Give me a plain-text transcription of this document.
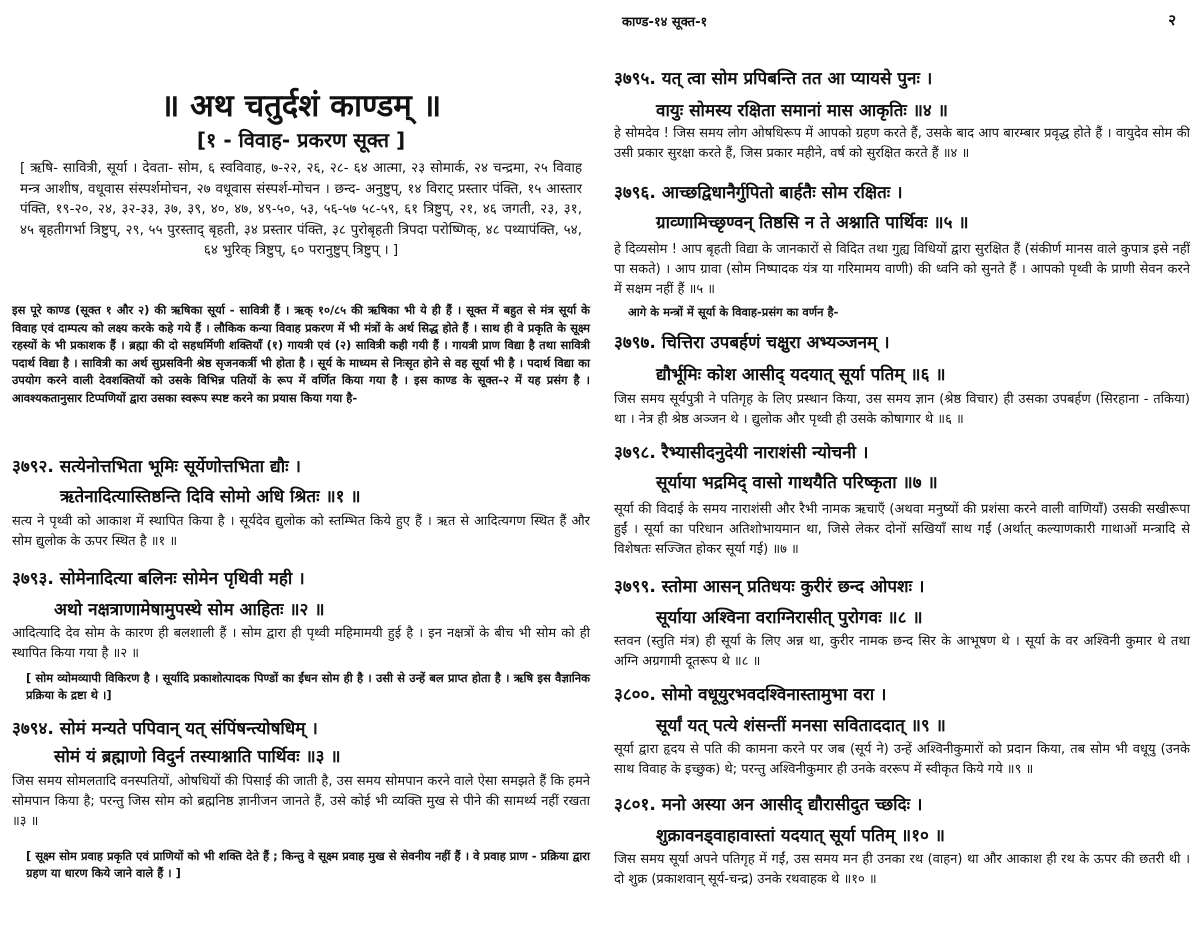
काण्ड-१४ सूक्त-१	२
३७९५. यत् त्वा सोम प्रपिबन्ति तत आ प्यायसे पुनः ।
वायुः सोमस्य रक्षिता समानां मास आकृतिः ॥४ ॥
हे सोमदेव ! जिस समय लोग ओषधिरूप में आपको ग्रहण करते हैं, उसके बाद आप बारम्बार प्रवृद्ध होते हैं । वायुदेव सोम की उसी प्रकार सुरक्षा करते हैं, जिस प्रकार महीने, वर्ष को सुरक्षित करते हैं ॥४ ॥
३७९६. आच्छद्विधानैर्गुपितो बार्हतैः सोम रक्षितः ।
ग्राव्णामिच्छृण्वन् तिष्ठसि न ते अश्नाति पार्थिवः ॥५ ॥
हे दिव्यसोम ! आप बृहती विद्या के जानकारों से विदित तथा गुह्य विधियों द्वारा सुरक्षित हैं (संकीर्ण मानस वाले कुपात्र इसे नहीं पा सकते) । आप ग्रावा (सोम निष्पादक यंत्र या गरिमामय वाणी) की ध्वनि को सुनते हैं । आपको पृथ्वी के प्राणी सेवन करने में सक्षम नहीं हैं ॥५ ॥
आगे के मन्त्रों में सूर्या के विवाह-प्रसंग का वर्णन है-
३७९७. चित्तिरा उपबर्हणं चक्षुरा अभ्यञ्जनम् ।
द्यौर्भूमिः कोश आसीद् यदयात् सूर्या पतिम् ॥६ ॥
जिस समय सूर्यपुत्री ने पतिगृह के लिए प्रस्थान किया, उस समय ज्ञान (श्रेष्ठ विचार) ही उसका उपबर्हण (सिरहाना - तकिया) था । नेत्र ही श्रेष्ठ अञ्जन थे । द्युलोक और पृथ्वी ही उसके कोषागार थे ॥६ ॥
३७९८. रैभ्यासीदनुदेयी नाराशंसी न्योचनी ।
सूर्याया भद्रमिद् वासो गाथयैति परिष्कृता ॥७ ॥
सूर्या की विदाई के समय नाराशंसी और रैभी नामक ऋचाएँ (अथवा मनुष्यों की प्रशंसा करने वाली वाणियाँ) उसकी सखीरूपा हुईं । सूर्या का परिधान अतिशोभायमान था, जिसे लेकर दोनों सखियाँ साथ गईं (अर्थात् कल्याणकारी गाथाओं मन्त्रादि से विशेषतः सज्जित होकर सूर्या गई) ॥७ ॥
३७९९. स्तोमा आसन् प्रतिधयः कुरीरं छन्द ओपशः ।
सूर्याया अश्विना वराग्निरासीत् पुरोगवः ॥८ ॥
स्तवन (स्तुति मंत्र) ही सूर्या के लिए अन्न था, कुरीर नामक छन्द सिर के आभूषण थे । सूर्या के वर अश्विनी कुमार थे तथा अग्नि अग्रगामी दूतरूप थे ॥८ ॥
३८००. सोमो वधूयुरभवदश्विनास्तामुभा वरा ।
सूर्यां यत् पत्ये शंसन्तीं मनसा सविताददात् ॥९ ॥
सूर्या द्वारा हृदय से पति की कामना करने पर जब (सूर्य ने) उन्हें अश्विनीकुमारों को प्रदान किया, तब सोम भी वधूयु (उनके साथ विवाह के इच्छुक) थे; परन्तु अश्विनीकुमार ही उनके वररूप में स्वीकृत किये गये ॥९ ॥
३८०१. मनो अस्या अन आसीद् द्यौरासीदुत च्छदिः ।
शुक्रावनड्वाहावास्तां यदयात् सूर्या पतिम् ॥१० ॥
जिस समय सूर्या अपने पतिगृह में गईं, उस समय मन ही उनका रथ (वाहन) था और आकाश ही रथ के ऊपर की छतरी थी । दो शुक्र (प्रकाशवान् सूर्य-चन्द्र) उनके रथवाहक थे ॥१० ॥
॥ अथ चतुर्दशं काण्डम् ॥
[१ - विवाह- प्रकरण सूक्त ]
[ ऋषि- सावित्री, सूर्या । देवता- सोम, ६ स्वविवाह, ७-२२, २६, २८- ६४ आत्मा, २३ सोमार्क, २४ चन्द्रमा, २५ विवाह मन्त्र आशीष, वधूवास संस्पर्शमोचन, २७ वधूवास संस्पर्श-मोचन । छन्द- अनुष्टुप्, १४ विराट् प्रस्तार पंक्ति, १५ आस्तार पंक्ति, १९-२०, २४, ३२-३३, ३७, ३९, ४०, ४७, ४९-५०, ५३, ५६-५७ ५८-५९, ६१ त्रिष्टुप्, २१, ४६ जगती, २३, ३१, ४५ बृहतीगर्भा त्रिष्टुप्, २९, ५५ पुरस्ताद् बृहती, ३४ प्रस्तार पंक्ति, ३८ पुरोबृहती त्रिपदा परोष्णिक्, ४८ पथ्यापंक्ति, ५४, ६४ भुरिक् त्रिष्टुप्, ६० परानुष्टुप् त्रिष्टुप् । ]
इस पूरे काण्ड (सूक्त १ और २) की ऋषिका सूर्या - सावित्री हैं । ऋक् १०/८५ की ऋषिका भी ये ही हैं । सूक्त में बहुत से मंत्र सूर्या के विवाह एवं दाम्पत्य को लक्ष्य करके कहे गये हैं । लौकिक कन्या विवाह प्रकरण में भी मंत्रों के अर्थ सिद्ध होते हैं । साथ ही वे प्रकृति के सूक्ष्म रहस्यों के भी प्रकाशक हैं । ब्रह्मा की दो सहधर्मिणी शक्तियाँ (१) गायत्री एवं (२) सावित्री कही गयी हैं । गायत्री प्राण विद्या है तथा सावित्री पदार्थ विद्या है । सावित्री का अर्थ सुप्रसविनी श्रेष्ठ सृजनकर्त्री भी होता है । सूर्य के माध्यम से निःसृत होने से वह सूर्या भी है । पदार्थ विद्या का उपयोग करने वाली देवशक्तियों को उसके विभिन्न पतियों के रूप में वर्णित किया गया है । इस काण्ड के सूक्त-२ में यह प्रसंग है । आवश्यकतानुसार टिप्पणियों द्वारा उसका स्वरूप स्पष्ट करने का प्रयास किया गया है-
३७९२. सत्येनोत्तभिता भूमिः सूर्येणोत्तभिता द्यौः ।
ऋतेनादित्यास्तिष्ठन्ति दिवि सोमो अधि श्रितः ॥१ ॥
सत्य ने पृथ्वी को आकाश में स्थापित किया है । सूर्यदेव द्युलोक को स्तम्भित किये हुए हैं । ऋत से आदित्यगण स्थित हैं और सोम द्युलोक के ऊपर स्थित है ॥१ ॥
३७९३. सोमेनादित्या बलिनः सोमेन पृथिवी मही ।
अथो नक्षत्राणामेषामुपस्थे सोम आहितः ॥२ ॥
आदित्यादि देव सोम के कारण ही बलशाली हैं । सोम द्वारा ही पृथ्वी महिमामयी हुई है । इन नक्षत्रों के बीच भी सोम को ही स्थापित किया गया है ॥२ ॥
[ सोम व्योमव्यापी विकिरण है । सूर्यादि प्रकाशोत्पादक पिण्डों का ईंधन सोम ही है । उसी से उन्हें बल प्राप्त होता है । ऋषि इस वैज्ञानिक प्रक्रिया के द्रष्टा थे ।]
३७९४. सोमं मन्यते पपिवान् यत् संपिंषन्त्योषधिम् ।
सोमं यं ब्रह्माणो विदुर्न तस्याश्नाति पार्थिवः ॥३ ॥
जिस समय सोमलतादि वनस्पतियों, ओषधियों की पिसाई की जाती है, उस समय सोमपान करने वाले ऐसा समझते हैं कि हमने सोमपान किया है; परन्तु जिस सोम को ब्रह्मनिष्ठ ज्ञानीजन जानते हैं, उसे कोई भी व्यक्ति मुख से पीने की सामर्थ्य नहीं रखता ॥३ ॥
[ सूक्ष्म सोम प्रवाह प्रकृति एवं प्राणियों को भी शक्ति देते हैं ; किन्तु वे सूक्ष्म प्रवाह मुख से सेवनीय नहीं हैं । वे प्रवाह प्राण - प्रक्रिया द्वारा ग्रहण या धारण किये जाने वाले हैं । ]
